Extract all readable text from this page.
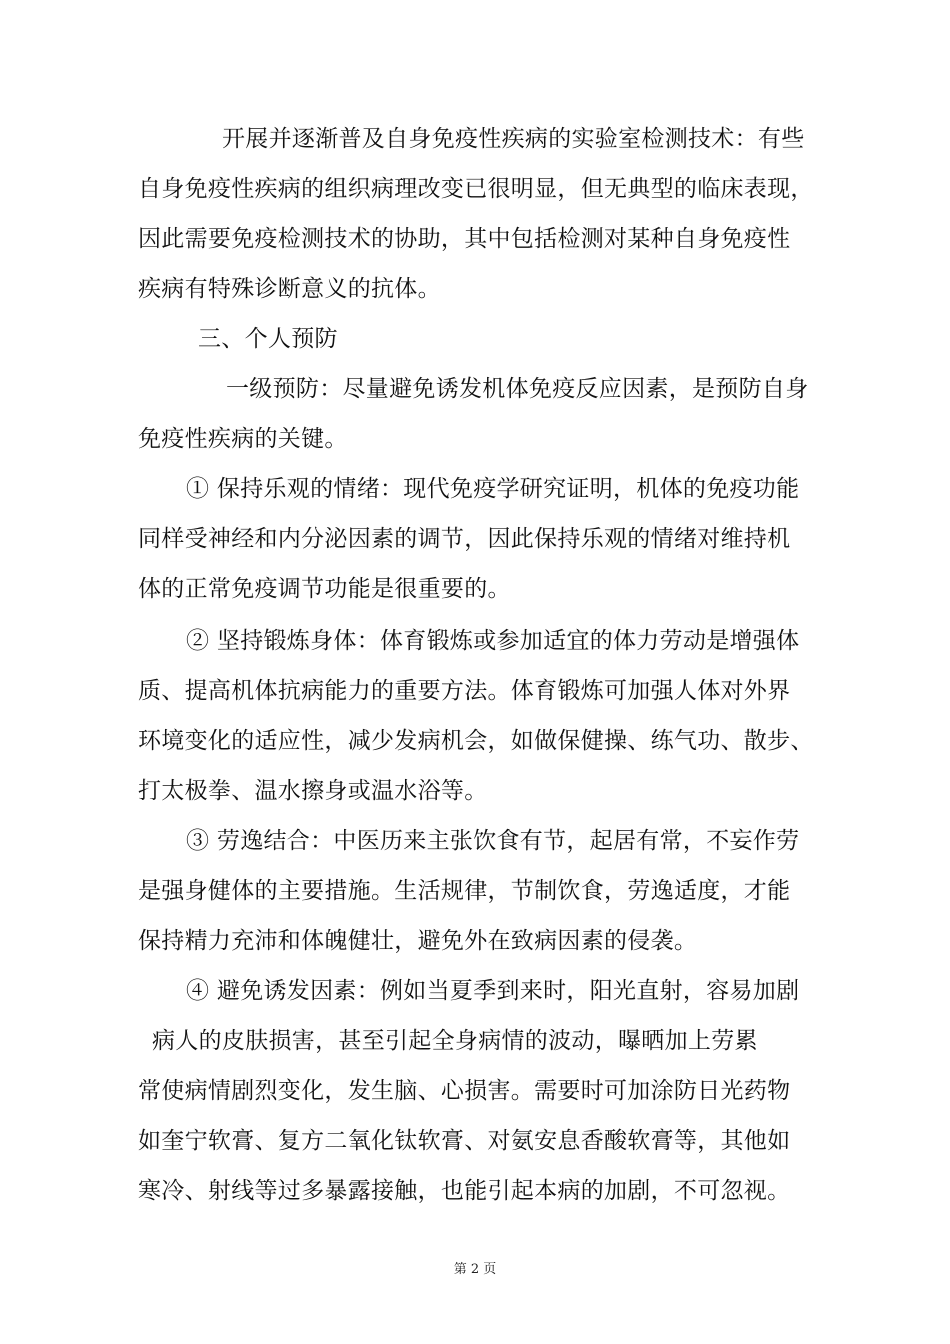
开展并逐渐普及自身免疫性疾病的实验室检测技术：有些
自身免疫性疾病的组织病理改变已很明显，但无典型的临床表现，
因此需要免疫检测技术的协助，其中包括检测对某种自身免疫性
疾病有特殊诊断意义的抗体。
三、个人预防
一级预防：尽量避免诱发机体免疫反应因素，是预防自身
免疫性疾病的关键。
① 保持乐观的情绪：现代免疫学研究证明，机体的免疫功能
同样受神经和内分泌因素的调节，因此保持乐观的情绪对维持机
体的正常免疫调节功能是很重要的。
② 坚持锻炼身体：体育锻炼或参加适宜的体力劳动是增强体
质、提高机体抗病能力的重要方法。体育锻炼可加强人体对外界
环境变化的适应性，减少发病机会，如做保健操、练气功、散步、
打太极拳、温水擦身或温水浴等。
③ 劳逸结合：中医历来主张饮食有节，起居有常，不妄作劳
是强身健体的主要措施。生活规律，节制饮食，劳逸适度，才能
保持精力充沛和体魄健壮，避免外在致病因素的侵袭。
④ 避免诱发因素：例如当夏季到来时，阳光直射，容易加剧
病人的皮肤损害，甚至引起全身病情的波动，曝晒加上劳累
常使病情剧烈变化，发生脑、心损害。需要时可加涂防日光药物
如奎宁软膏、复方二氧化钛软膏、对氨安息香酸软膏等，其他如
寒冷、射线等过多暴露接触，也能引起本病的加剧，不可忽视。
第 2 页
